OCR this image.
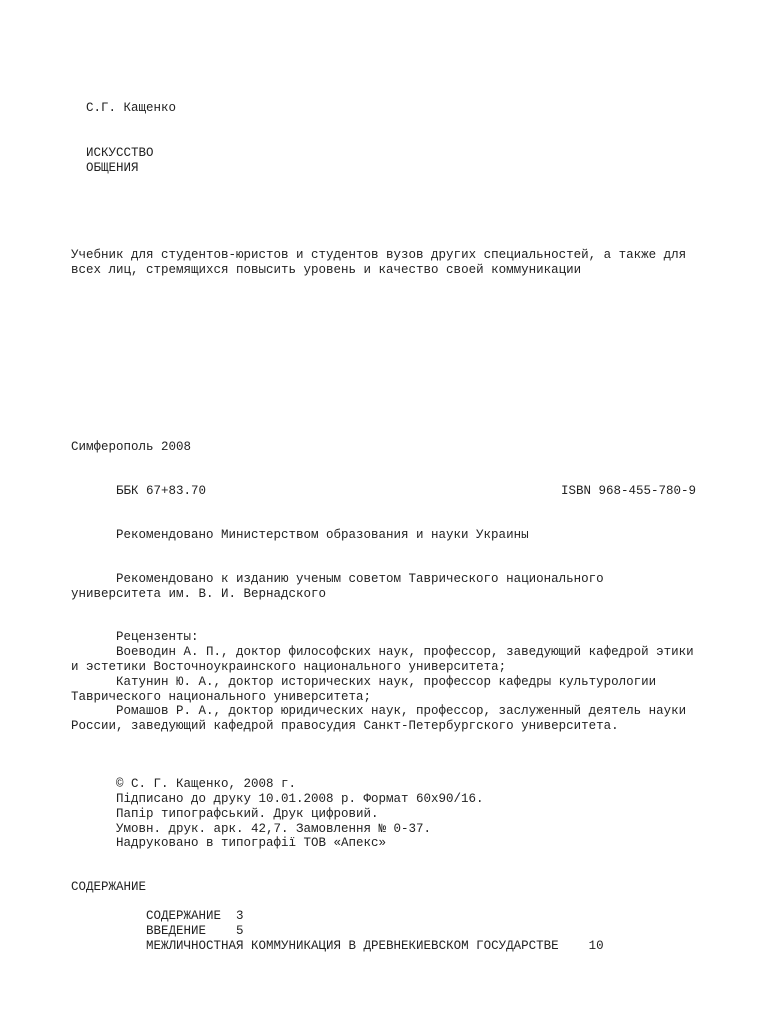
С.Г. Кащенко
ИСКУССТВО
ОБЩЕНИЯ
Учебник для студентов-юристов и студентов вузов других специальностей, а также для
всех лиц, стремящихся повысить уровень и качество своей коммуникации
Симферополь 2008
ББК 67+83.70	ISBN 968-455-780-9
Рекомендовано Министерством образования и науки Украины
Рекомендовано к изданию ученым советом Таврического национального
университета им. В. И. Вернадского
Рецензенты:
Воеводин А. П., доктор философских наук, профессор, заведующий кафедрой этики
и эстетики Восточноукраинского национального университета;
Катунин Ю. А., доктор исторических наук, профессор кафедры культурологии
Таврического национального университета;
Ромашов Р. А., доктор юридических наук, профессор, заслуженный деятель науки
России, заведующий кафедрой правосудия Санкт-Петербургского университета.
© С. Г. Кащенко, 2008 г.
Підписано до друку 10.01.2008 р. Формат 60х90/16.
Папір типографський. Друк цифровий.
Умовн. друк. арк. 42,7. Замовлення № 0-37.
Надруковано в типографії ТОВ «Апекс»
СОДЕРЖАНИЕ

СОДЕРЖАНИЕ 3

ВВЕДЕНИЕ 5

МЕЖЛИЧНОСТНАЯ КОММУНИКАЦИЯ В ДРЕВНЕКИЕВСКОМ ГОСУДАРСТВЕ 10
